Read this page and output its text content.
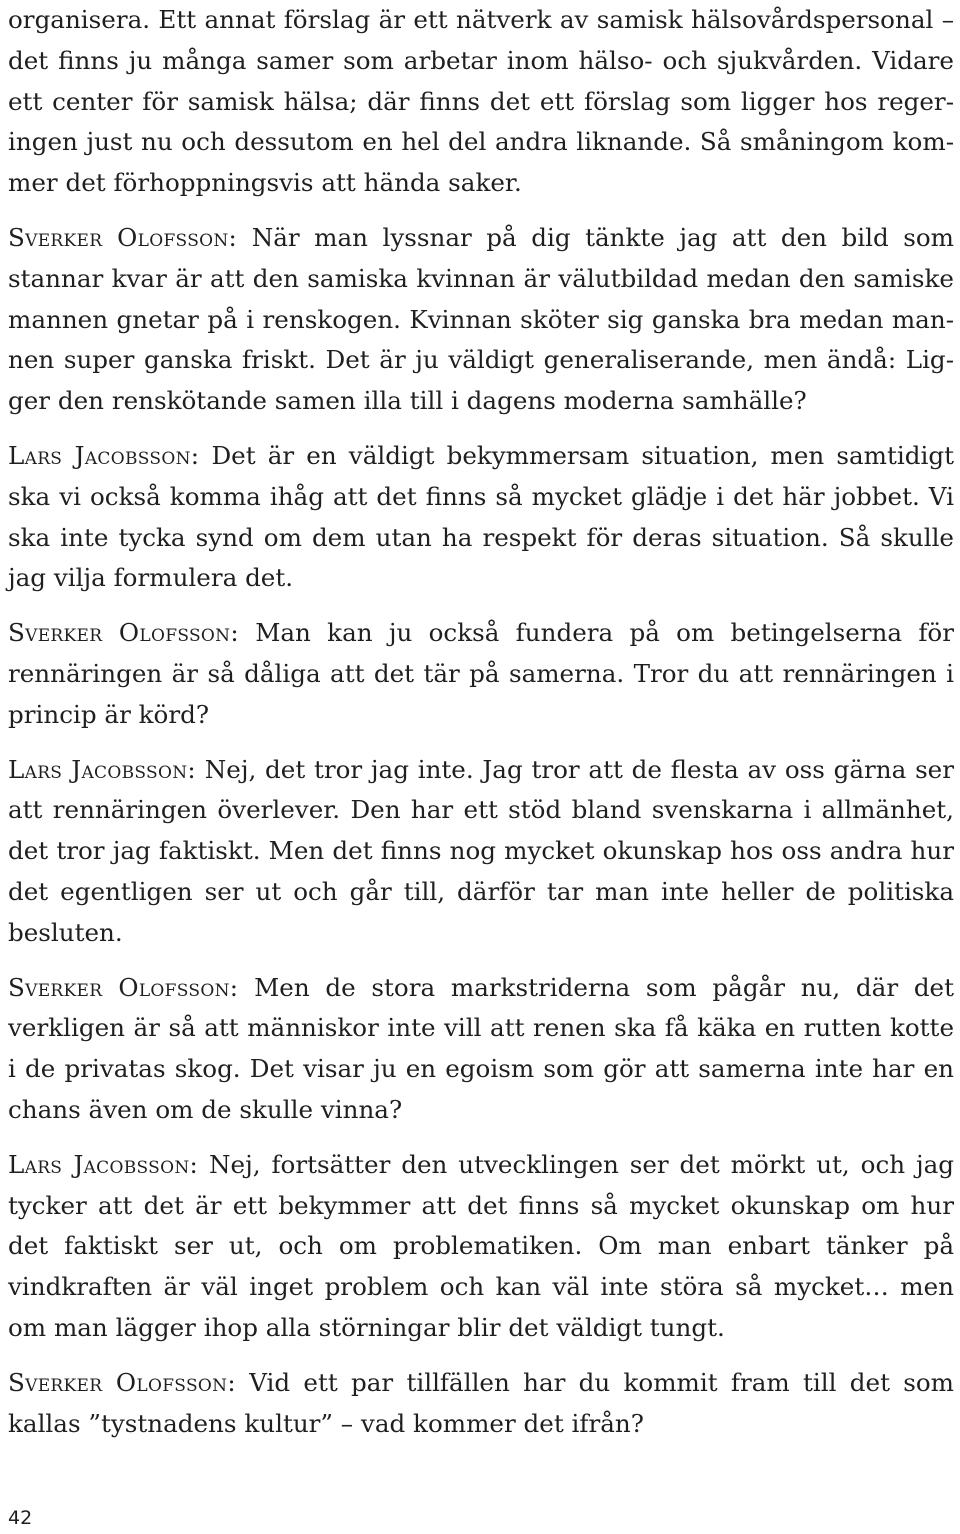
organisera. Ett annat förslag är ett nätverk av samisk hälsovårdspersonal – det finns ju många samer som arbetar inom hälso- och sjukvården. Vidare ett center för samisk hälsa; där finns det ett förslag som ligger hos regeringen just nu och dessutom en hel del andra liknande. Så småningom kommer det förhoppningsvis att hända saker.

Sverker Olofsson: När man lyssnar på dig tänkte jag att den bild som stannar kvar är att den samiska kvinnan är välutbildad medan den samiske mannen gnetar på i renskogen. Kvinnan sköter sig ganska bra medan mannen super ganska friskt. Det är ju väldigt generaliserande, men ändå: Ligger den renskötande samen illa till i dagens moderna samhälle?

Lars Jacobsson: Det är en väldigt bekymmersam situation, men samtidigt ska vi också komma ihåg att det finns så mycket glädje i det här jobbet. Vi ska inte tycka synd om dem utan ha respekt för deras situation. Så skulle jag vilja formulera det.

Sverker Olofsson: Man kan ju också fundera på om betingelserna för rennäringen är så dåliga att det tär på samerna. Tror du att rennäringen i princip är körd?

Lars Jacobsson: Nej, det tror jag inte. Jag tror att de flesta av oss gärna ser att rennäringen överlever. Den har ett stöd bland svenskarna i allmänhet, det tror jag faktiskt. Men det finns nog mycket okunskap hos oss andra hur det egentligen ser ut och går till, därför tar man inte heller de politiska besluten.

Sverker Olofsson: Men de stora markstriderna som pågår nu, där det verkligen är så att människor inte vill att renen ska få käka en rutten kotte i de privatas skog. Det visar ju en egoism som gör att samerna inte har en chans även om de skulle vinna?

Lars Jacobsson: Nej, fortsätter den utvecklingen ser det mörkt ut, och jag tycker att det är ett bekymmer att det finns så mycket okunskap om hur det faktiskt ser ut, och om problematiken. Om man enbart tänker på vindkraften är väl inget problem och kan väl inte störa så mycket… men om man lägger ihop alla störningar blir det väldigt tungt.

Sverker Olofsson: Vid ett par tillfällen har du kommit fram till det som kallas ”tystnadens kultur” – vad kommer det ifrån?

42
